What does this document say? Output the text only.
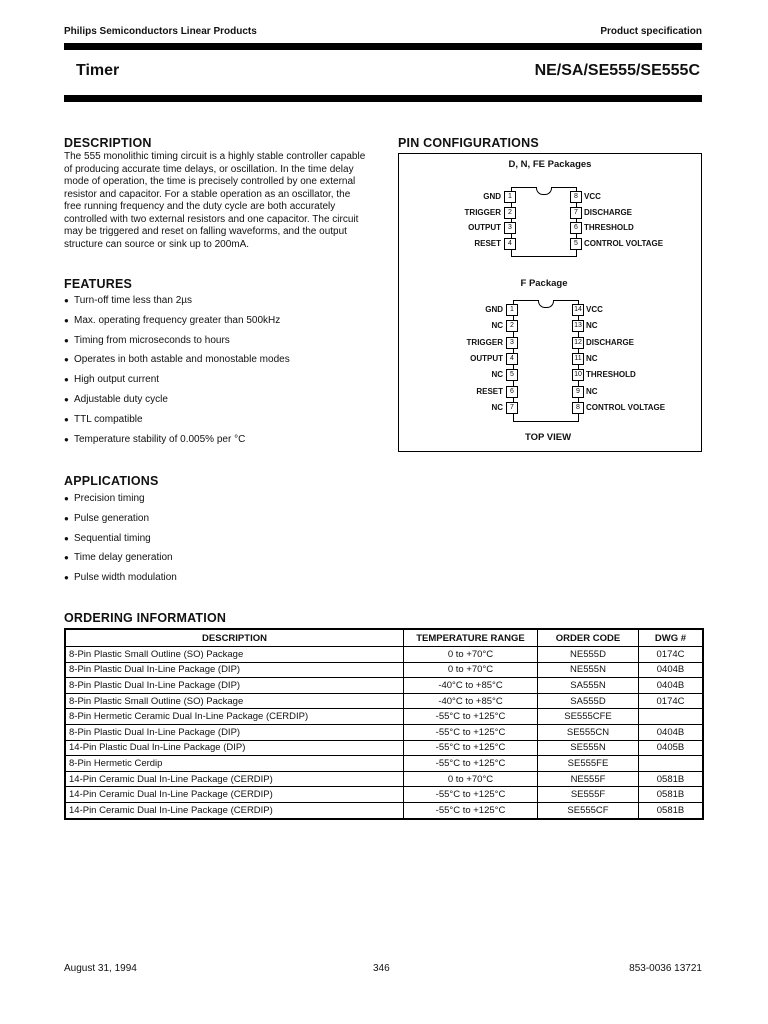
Philips Semiconductors Linear Products	Product specification
Timer	NE/SA/SE555/SE555C
DESCRIPTION
The 555 monolithic timing circuit is a highly stable controller capable
of producing accurate time delays, or oscillation. In the time delay
mode of operation, the time is precisely controlled by one external
resistor and capacitor. For a stable operation as an oscillator, the
free running frequency and the duty cycle are both accurately
controlled with two external resistors and one capacitor. The circuit
may be triggered and reset on falling waveforms, and the output
structure can source or sink up to 200mA.
FEATURES
● Turn-off time less than 2µs
● Max. operating frequency greater than 500kHz
● Timing from microseconds to hours
● Operates in both astable and monostable modes
● High output current
● Adjustable duty cycle
● TTL compatible
● Temperature stability of 0.005% per °C
APPLICATIONS
● Precision timing
● Pulse generation
● Sequential timing
● Time delay generation
● Pulse width modulation
PIN CONFIGURATIONS
D, N, FE Packages
F Package
TOP VIEW
1
GND
2
TRIGGER
3
OUTPUT
4
RESET
8 VCC
7 DISCHARGE
6 THRESHOLD
5 CONTROL VOLTAGE
1
GND
2
NC
3
TRIGGER
4
OUTPUT
5
NC
6
RESET
7
NC
14 VCC
13 NC
12 DISCHARGE
11 NC
10 THRESHOLD
9 NC
8 CONTROL VOLTAGE
ORDERING INFORMATION
DESCRIPTION	TEMPERATURE RANGE	ORDER CODE	DWG #
8-Pin Plastic Small Outline (SO) Package	0 to +70°C	NE555D	0174C
8-Pin Plastic Dual In-Line Package (DIP)	0 to +70°C	NE555N	0404B
8-Pin Plastic Dual In-Line Package (DIP)	-40°C to +85°C	SA555N	0404B
8-Pin Plastic Small Outline (SO) Package	-40°C to +85°C	SA555D	0174C
8-Pin Hermetic Ceramic Dual In-Line Package (CERDIP)	-55°C to +125°C	SE555CFE	
8-Pin Plastic Dual In-Line Package (DIP)	-55°C to +125°C	SE555CN	0404B
14-Pin Plastic Dual In-Line Package (DIP)	-55°C to +125°C	SE555N	0405B
8-Pin Hermetic Cerdip	-55°C to +125°C	SE555FE	
14-Pin Ceramic Dual In-Line Package (CERDIP)	0 to +70°C	NE555F	0581B
14-Pin Ceramic Dual In-Line Package (CERDIP)	-55°C to +125°C	SE555F	0581B
14-Pin Ceramic Dual In-Line Package (CERDIP)	-55°C to +125°C	SE555CF	0581B
August 31, 1994	346	853-0036 13721
